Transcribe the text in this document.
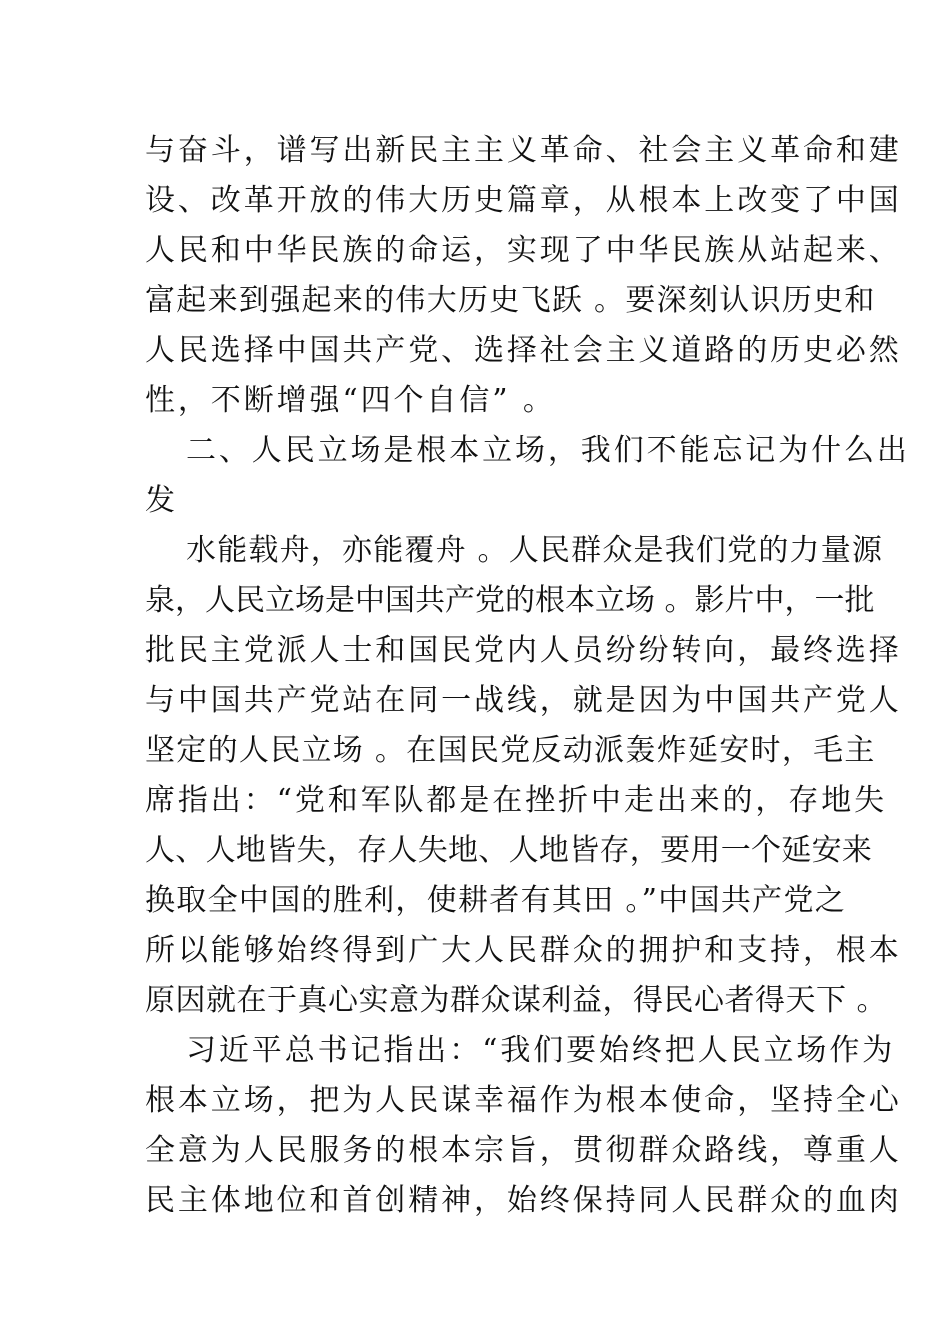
与奋斗，谱写出新民主主义革命、社会主义革命和建
设、改革开放的伟大历史篇章，从根本上改变了中国
人民和中华民族的命运，实现了中华民族从站起来、
富起来到强起来的伟大历史飞跃 。要深刻认识历史和
人民选择中国共产党、选择社会主义道路的历史必然
性，不断增强“四个自信” 。
二、人民立场是根本立场，我们不能忘记为什么出
发
水能载舟，亦能覆舟 。人民群众是我们党的力量源
泉，人民立场是中国共产党的根本立场 。影片中，一批
批民主党派人士和国民党内人员纷纷转向，最终选择
与中国共产党站在同一战线，就是因为中国共产党人
坚定的人民立场 。在国民党反动派轰炸延安时，毛主
席指出：“党和军队都是在挫折中走出来的，存地失
人、人地皆失，存人失地、人地皆存，要用一个延安来
换取全中国的胜利，使耕者有其田 。”中国共产党之
所以能够始终得到广大人民群众的拥护和支持，根本
原因就在于真心实意为群众谋利益，得民心者得天下 。
习近平总书记指出：“我们要始终把人民立场作为
根本立场，把为人民谋幸福作为根本使命，坚持全心
全意为人民服务的根本宗旨，贯彻群众路线，尊重人
民主体地位和首创精神，始终保持同人民群众的血肉
